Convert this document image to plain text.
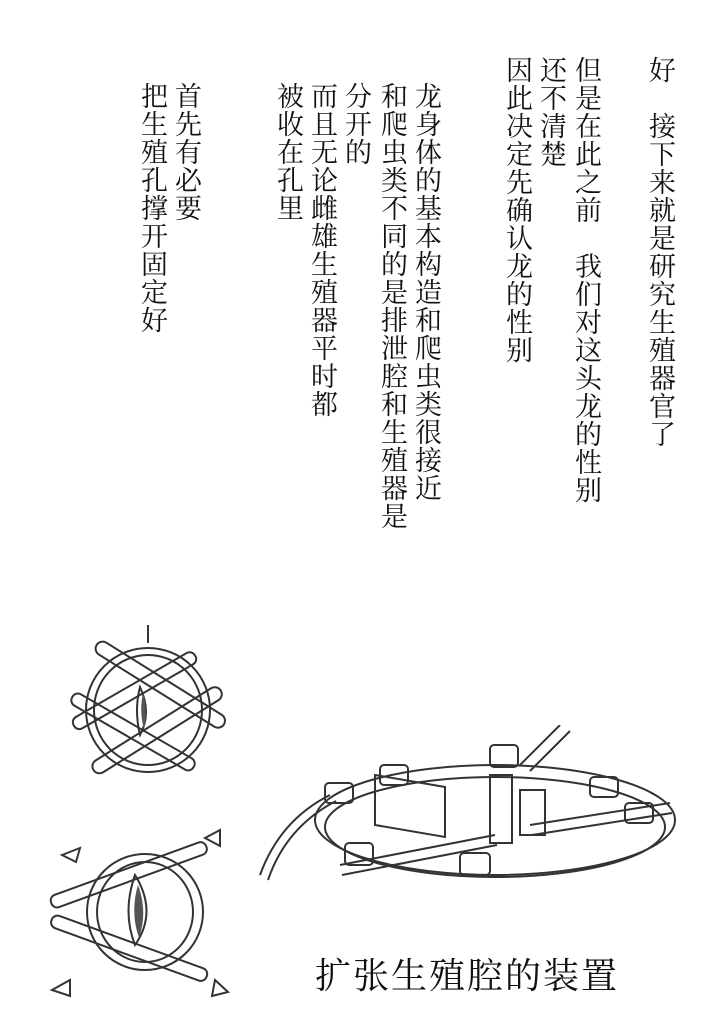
好　接下来就是研究生殖器官了
但是在此之前　我们对这头龙的性别
还不清楚
因此决定先确认龙的性别
龙身体的基本构造和爬虫类很接近
和爬虫类不同的是排泄腔和生殖器是
分开的
而且无论雌雄生殖器平时都
被收在孔里
首先有必要
把生殖孔撑开固定好
扩张生殖腔的装置
